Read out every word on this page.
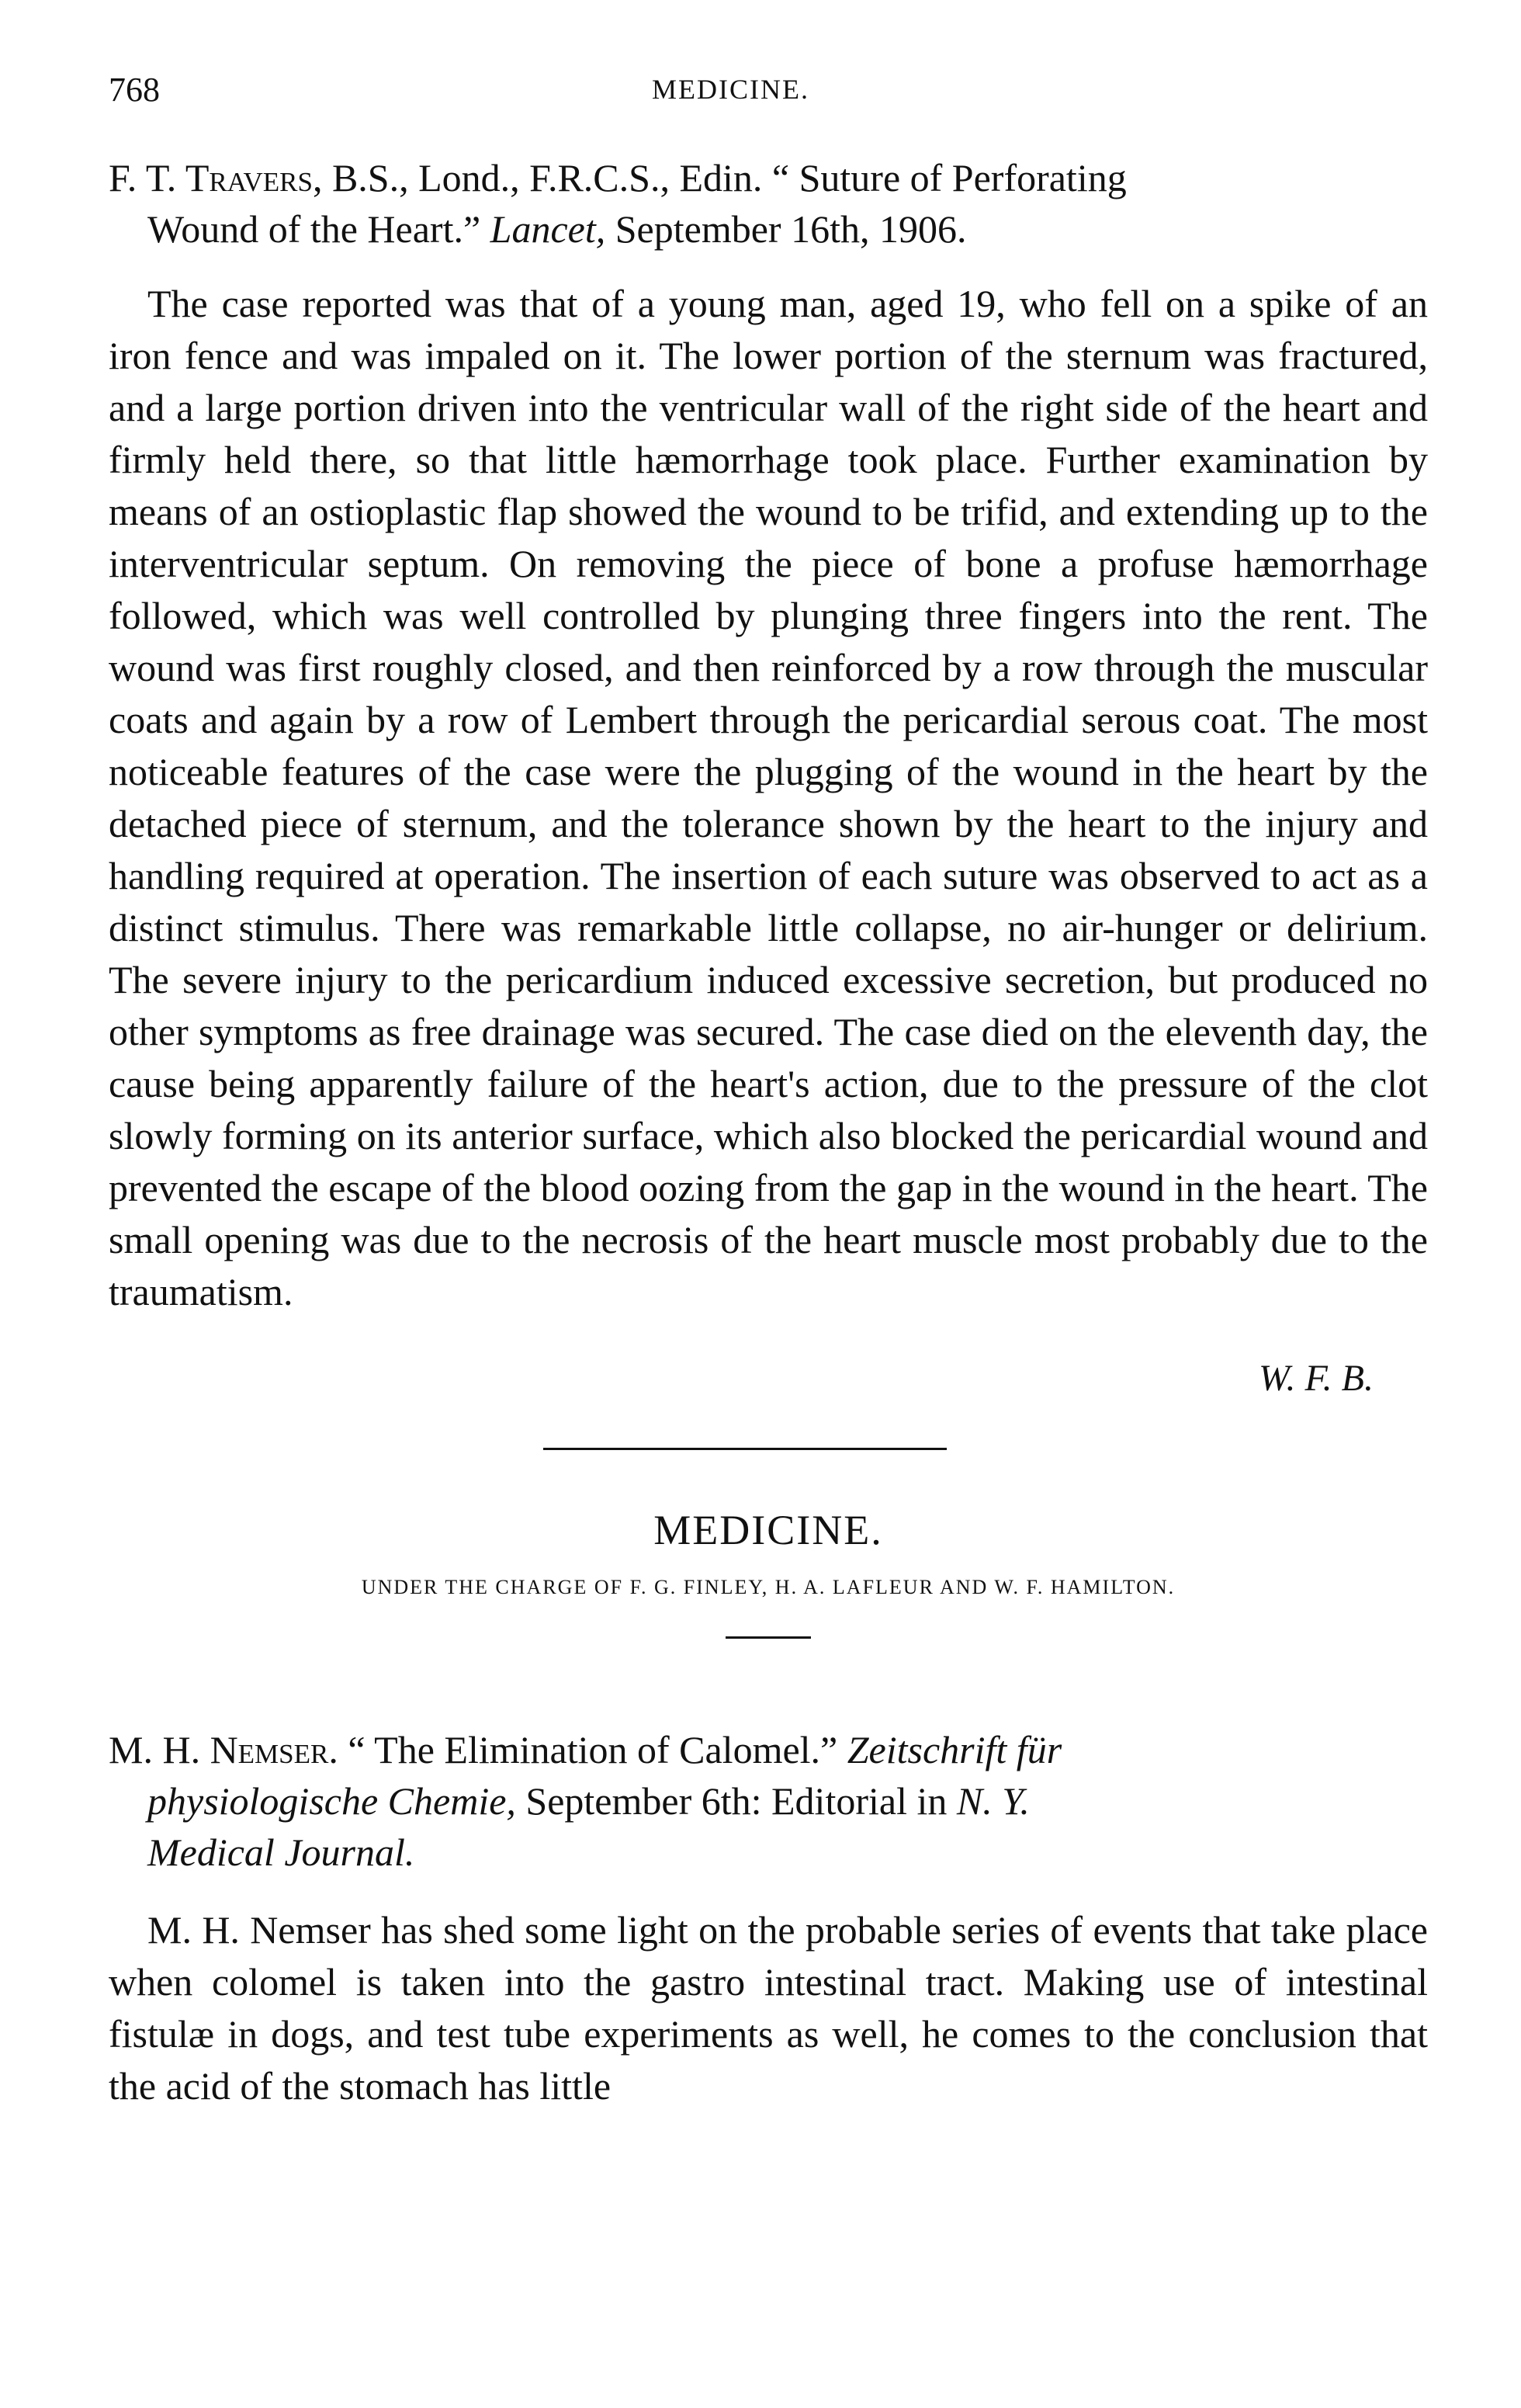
768	MEDICINE.
F. T. Travers, B.S., Lond., F.R.C.S., Edin. “ Suture of Perforating
Wound of the Heart.” Lancet, September 16th, 1906.

The case reported was that of a young man, aged 19, who fell on a spike of an iron fence and was impaled on it. The lower portion of the sternum was fractured, and a large portion driven into the ventricular wall of the right side of the heart and firmly held there, so that little hæmorrhage took place. Further examination by means of an ostioplastic flap showed the wound to be trifid, and extending up to the interventricular septum. On removing the piece of bone a profuse hæmorrhage followed, which was well controlled by plunging three fingers into the rent. The wound was first roughly closed, and then reinforced by a row through the muscular coats and again by a row of Lembert through the pericardial serous coat. The most noticeable features of the case were the plugging of the wound in the heart by the detached piece of sternum, and the tolerance shown by the heart to the injury and handling required at operation. The insertion of each suture was observed to act as a distinct stimulus. There was remarkable little collapse, no air-hunger or delirium. The severe injury to the pericardium induced excessive secretion, but produced no other symptoms as free drainage was secured. The case died on the eleventh day, the cause being apparently failure of the heart's action, due to the pressure of the clot slowly forming on its anterior surface, which also blocked the pericardial wound and prevented the escape of the blood oozing from the gap in the wound in the heart. The small opening was due to the necrosis of the heart muscle most probably due to the traumatism.

W. F. B.
MEDICINE.
UNDER THE CHARGE OF F. G. FINLEY, H. A. LAFLEUR AND W. F. HAMILTON.
M. H. Nemser. “ The Elimination of Calomel.” Zeitschrift für
physiologische Chemie, September 6th: Editorial in N. Y.
Medical Journal.

M. H. Nemser has shed some light on the probable series of events that take place when colomel is taken into the gastro intestinal tract. Making use of intestinal fistulæ in dogs, and test tube experiments as well, he comes to the conclusion that the acid of the stomach has little
